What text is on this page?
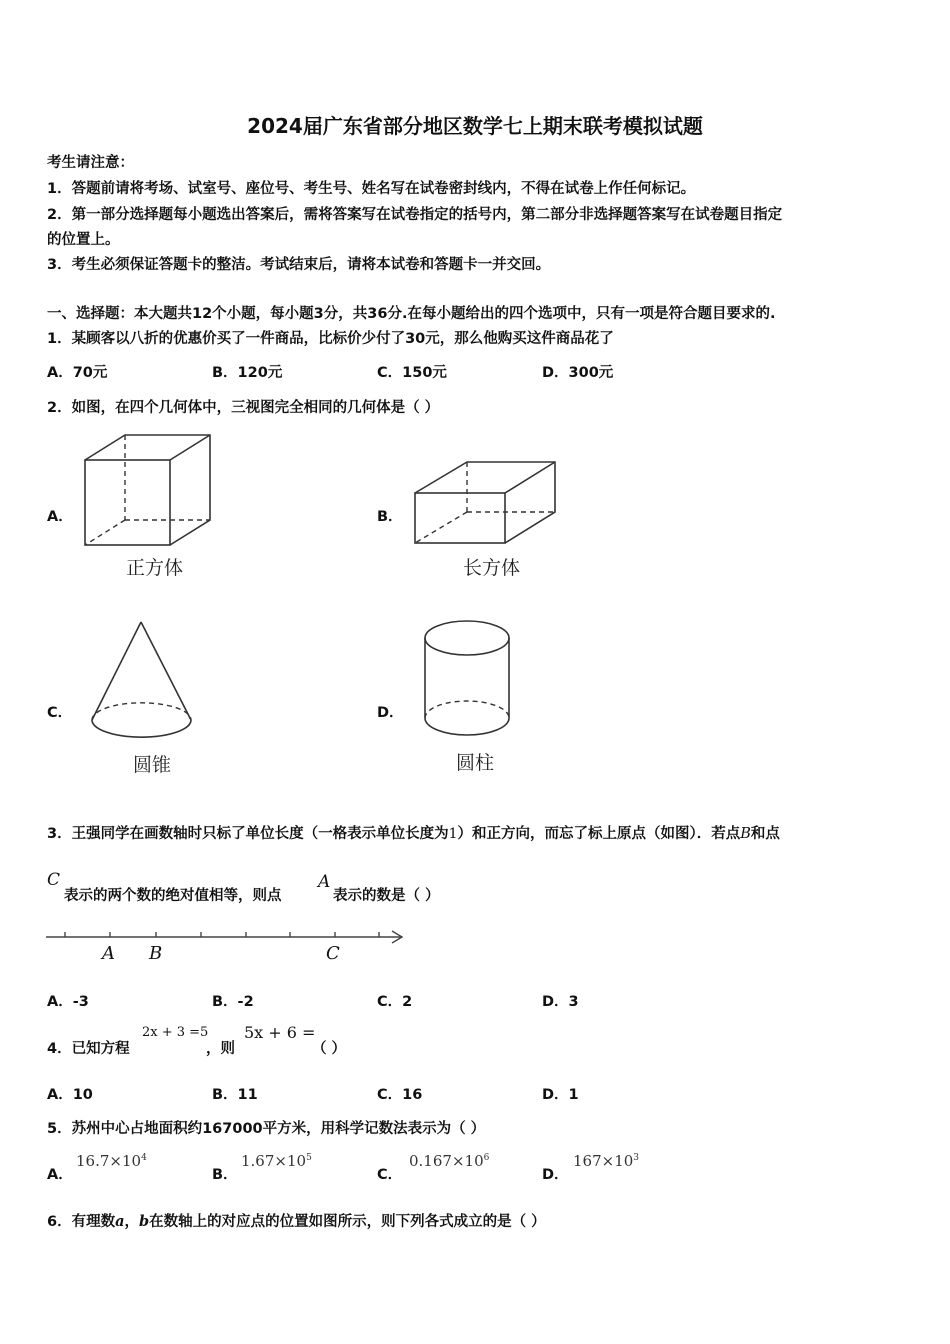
2024届广东省部分地区数学七上期末联考模拟试题
考生请注意：
1．答题前请将考场、试室号、座位号、考生号、姓名写在试卷密封线内，不得在试卷上作任何标记。
2．第一部分选择题每小题选出答案后，需将答案写在试卷指定的括号内，第二部分非选择题答案写在试卷题目指定
的位置上。
3．考生必须保证答题卡的整洁。考试结束后，请将本试卷和答题卡一并交回。
一、选择题：本大题共12个小题，每小题3分，共36分.在每小题给出的四个选项中，只有一项是符合题目要求的.
1．某顾客以八折的优惠价买了一件商品，比标价少付了30元，那么他购买这件商品花了
A．70元	B．120元	C．150元	D．300元
2．如图，在四个几何体中，三视图完全相同的几何体是（ ）
A．
正方体
B．
长方体
C．
圆锥
D．
圆柱
3．王强同学在画数轴时只标了单位长度（一格表示单位长度为1）和正方向，而忘了标上原点（如图）．若点B和点
C
表示的两个数的绝对值相等，则点
A
表示的数是（ ）
A B	C
A．-3	B．-2	C．2	D．3
4．已知方程
2x + 3 =5
，则
5x + 6 =
（ ）
A．10	B．11	C．16	D．1
5．苏州中心占地面积约167000平方米，用科学记数法表示为（ ）
A．
$16.7\times 10^4$
B．
$1.67\times 10^5$
C．
$0.167\times 10^6$
D．
$167\times 10^3$
6．有理数a，b在数轴上的对应点的位置如图所示，则下列各式成立的是（ ）
